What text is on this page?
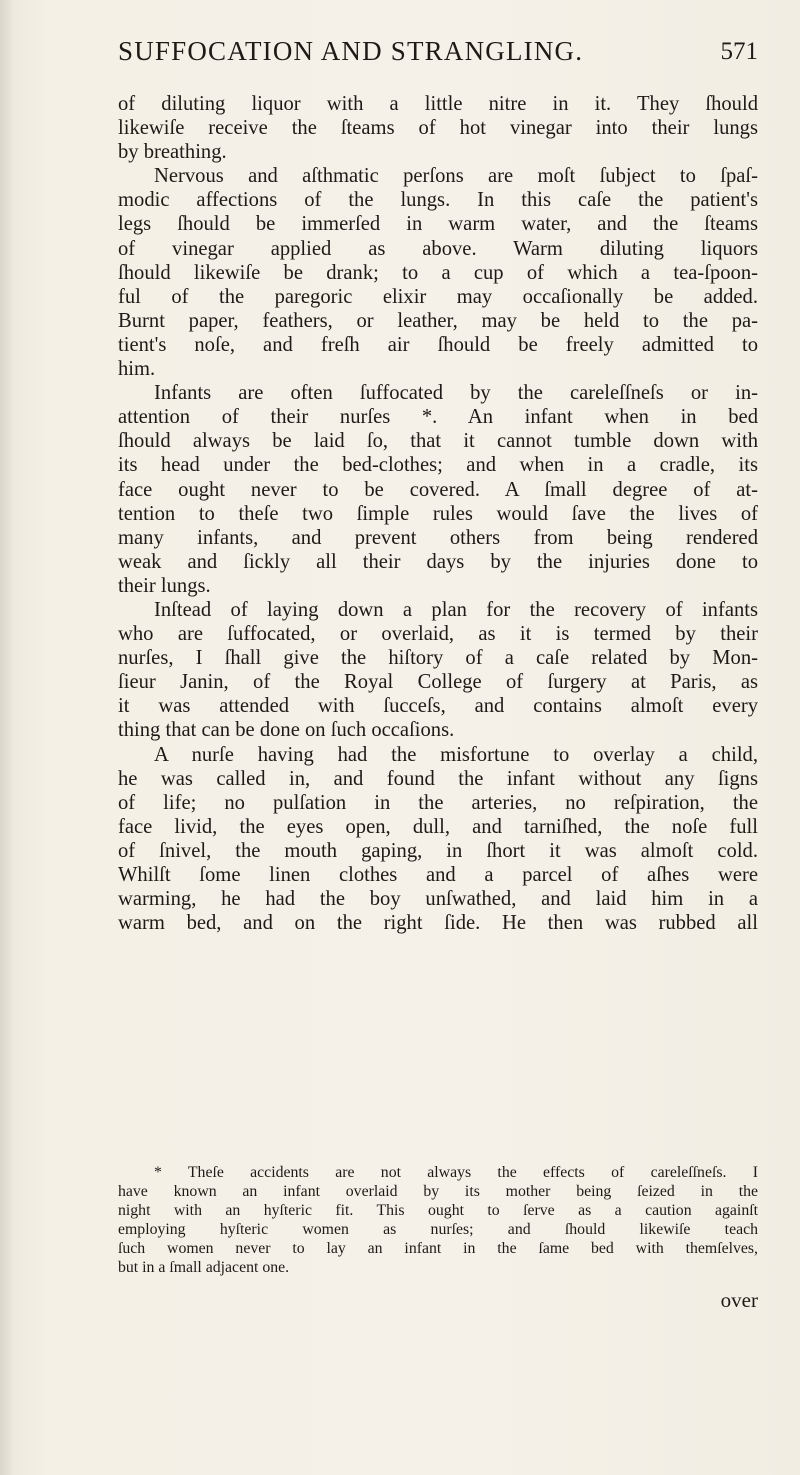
SUFFOCATION AND STRANGLING.	571

of diluting liquor with a little nitre in it. They ſhould

likewiſe receive the ſteams of hot vinegar into their lungs

by breathing.

Nervous and aſthmatic perſons are moſt ſubject to ſpaſ-

modic affections of the lungs. In this caſe the patient's

legs ſhould be immerſed in warm water, and the ſteams

of vinegar applied as above. Warm diluting liquors

ſhould likewiſe be drank; to a cup of which a tea-ſpoon-

ful of the paregoric elixir may occaſionally be added.

Burnt paper, feathers, or leather, may be held to the pa-

tient's noſe, and freſh air ſhould be freely admitted to

him.

Infants are often ſuffocated by the careleſſneſs or in-

attention of their nurſes *. An infant when in bed

ſhould always be laid ſo, that it cannot tumble down with

its head under the bed-clothes; and when in a cradle, its

face ought never to be covered. A ſmall degree of at-

tention to theſe two ſimple rules would ſave the lives of

many infants, and prevent others from being rendered

weak and ſickly all their days by the injuries done to

their lungs.

Inſtead of laying down a plan for the recovery of infants

who are ſuffocated, or overlaid, as it is termed by their

nurſes, I ſhall give the hiſtory of a caſe related by Mon-

ſieur Janin, of the Royal College of ſurgery at Paris, as

it was attended with ſucceſs, and contains almoſt every

thing that can be done on ſuch occaſions.

A nurſe having had the misfortune to overlay a child,

he was called in, and found the infant without any ſigns

of life; no pulſation in the arteries, no reſpiration, the

face livid, the eyes open, dull, and tarniſhed, the noſe full

of ſnivel, the mouth gaping, in ſhort it was almoſt cold.

Whilſt ſome linen clothes and a parcel of aſhes were

warming, he had the boy unſwathed, and laid him in a

warm bed, and on the right ſide. He then was rubbed all

* Theſe accidents are not always the effects of careleſſneſs. I

have known an infant overlaid by its mother being ſeized in the

night with an hyſteric fit. This ought to ſerve as a caution againſt

employing hyſteric women as nurſes; and ſhould likewiſe teach

ſuch women never to lay an infant in the ſame bed with themſelves,

but in a ſmall adjacent one.

over
